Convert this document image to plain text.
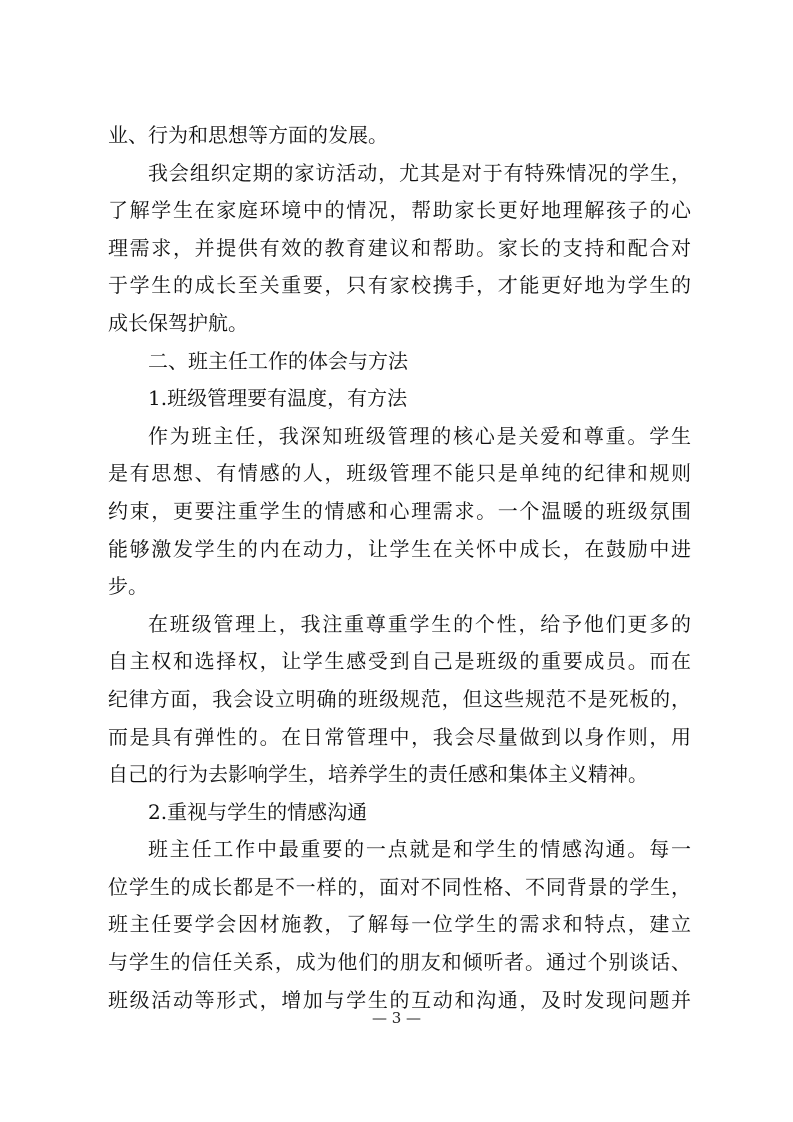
业、行为和思想等方面的发展。
我会组织定期的家访活动，尤其是对于有特殊情况的学生，
了解学生在家庭环境中的情况，帮助家长更好地理解孩子的心
理需求，并提供有效的教育建议和帮助。家长的支持和配合对
于学生的成长至关重要，只有家校携手，才能更好地为学生的
成长保驾护航。
二、班主任工作的体会与方法
1.班级管理要有温度，有方法
作为班主任，我深知班级管理的核心是关爱和尊重。学生
是有思想、有情感的人，班级管理不能只是单纯的纪律和规则
约束，更要注重学生的情感和心理需求。一个温暖的班级氛围
能够激发学生的内在动力，让学生在关怀中成长，在鼓励中进
步。
在班级管理上，我注重尊重学生的个性，给予他们更多的
自主权和选择权，让学生感受到自己是班级的重要成员。而在
纪律方面，我会设立明确的班级规范，但这些规范不是死板的，
而是具有弹性的。在日常管理中，我会尽量做到以身作则，用
自己的行为去影响学生，培养学生的责任感和集体主义精神。
2.重视与学生的情感沟通
班主任工作中最重要的一点就是和学生的情感沟通。每一
位学生的成长都是不一样的，面对不同性格、不同背景的学生，
班主任要学会因材施教，了解每一位学生的需求和特点，建立
与学生的信任关系，成为他们的朋友和倾听者。通过个别谈话、
班级活动等形式，增加与学生的互动和沟通，及时发现问题并
— 3 —
